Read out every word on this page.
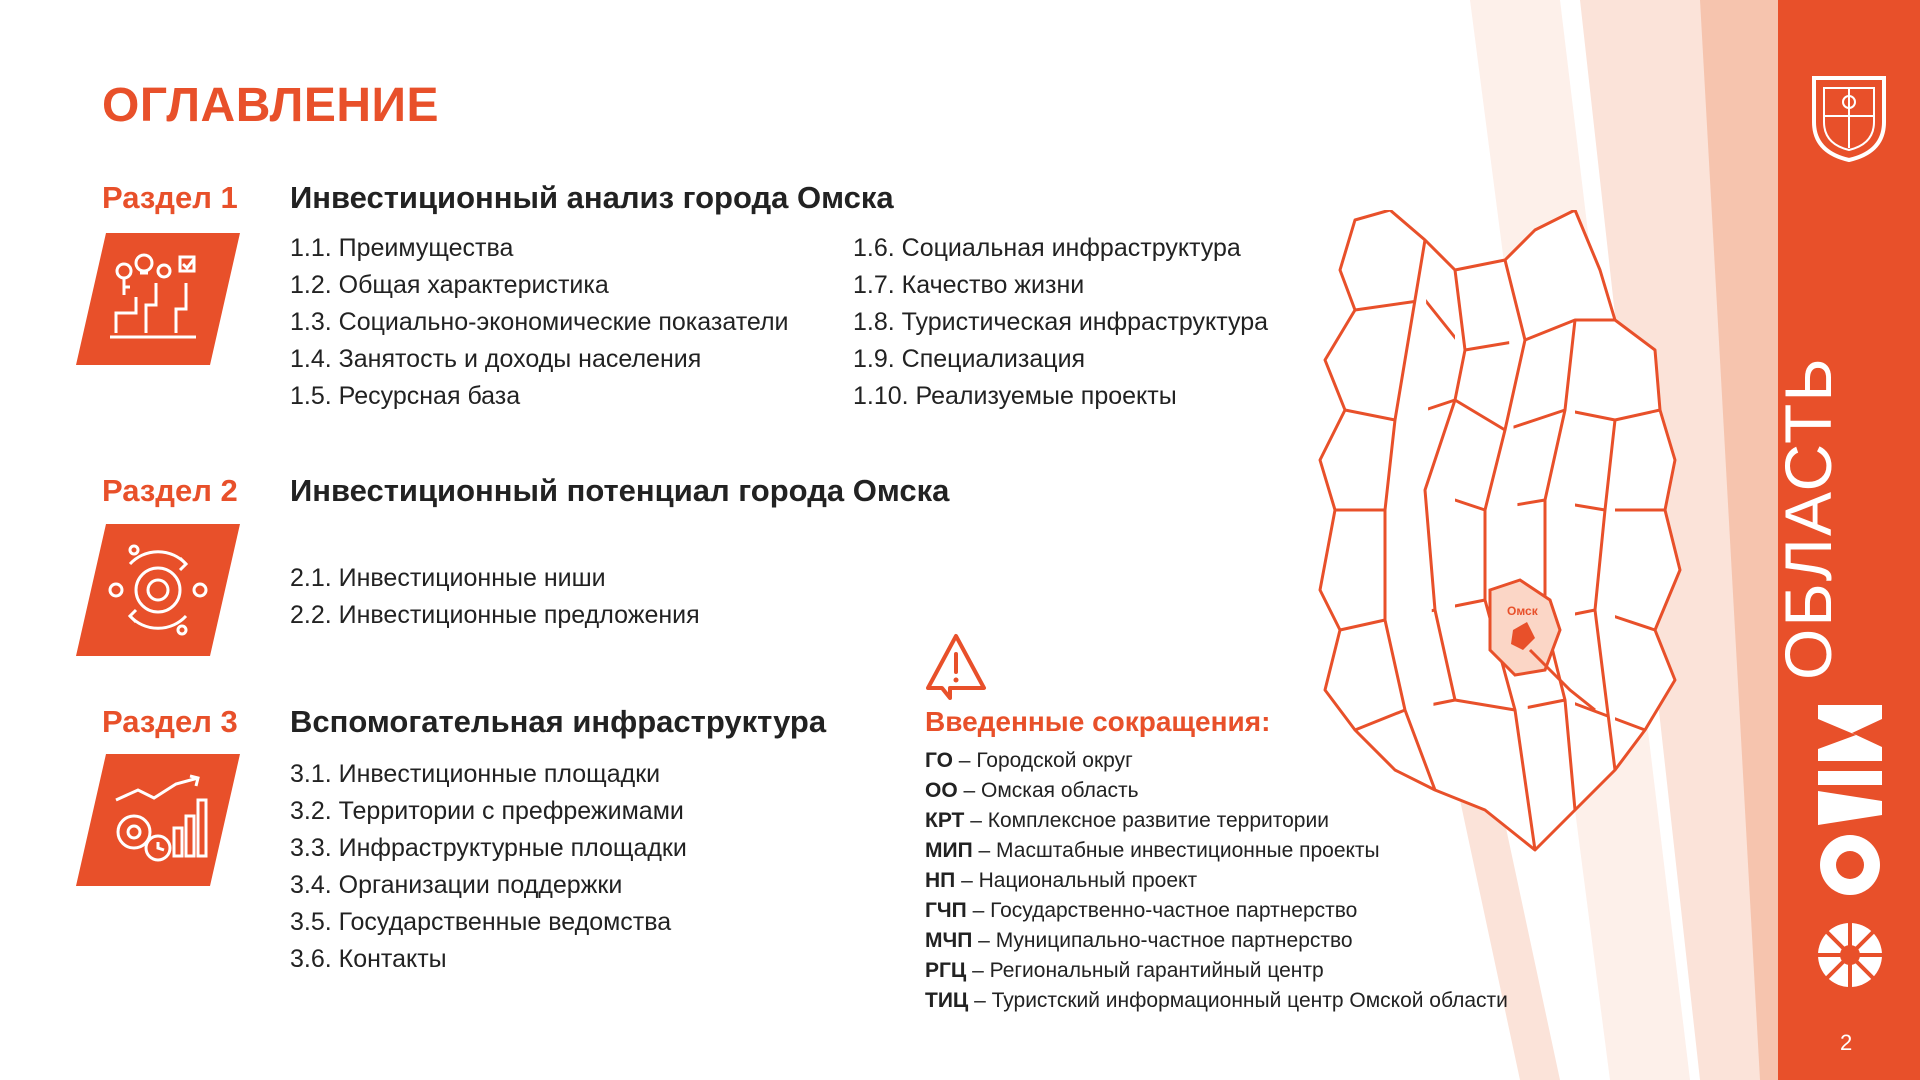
ОГЛАВЛЕНИЕ
Раздел 1 Инвестиционный анализ города Омска
1.1. Преимущества
1.2. Общая характеристика
1.3. Социально-экономические показатели
1.4. Занятость и доходы населения
1.5. Ресурсная база
1.6. Социальная инфраструктура
1.7. Качество жизни
1.8. Туристическая инфраструктура
1.9. Специализация
1.10. Реализуемые проекты
Раздел 2 Инвестиционный потенциал города Омска
2.1. Инвестиционные ниши
2.2. Инвестиционные предложения
Раздел 3 Вспомогательная инфраструктура
3.1. Инвестиционные площадки
3.2. Территории с префрежимами
3.3. Инфраструктурные площадки
3.4. Организации поддержки
3.5. Государственные ведомства
3.6. Контакты
Введенные сокращения:
ГО – Городской округ
ОО – Омская область
КРТ – Комплексное развитие территории
МИП – Масштабные инвестиционные проекты
НП – Национальный проект
ГЧП – Государственно-частное партнерство
МЧП – Муниципально-частное партнерство
РГЦ – Региональный гарантийный центр
ТИЦ – Туристский информационный центр Омской области
Омск	ОБЛАСТЬ
2
